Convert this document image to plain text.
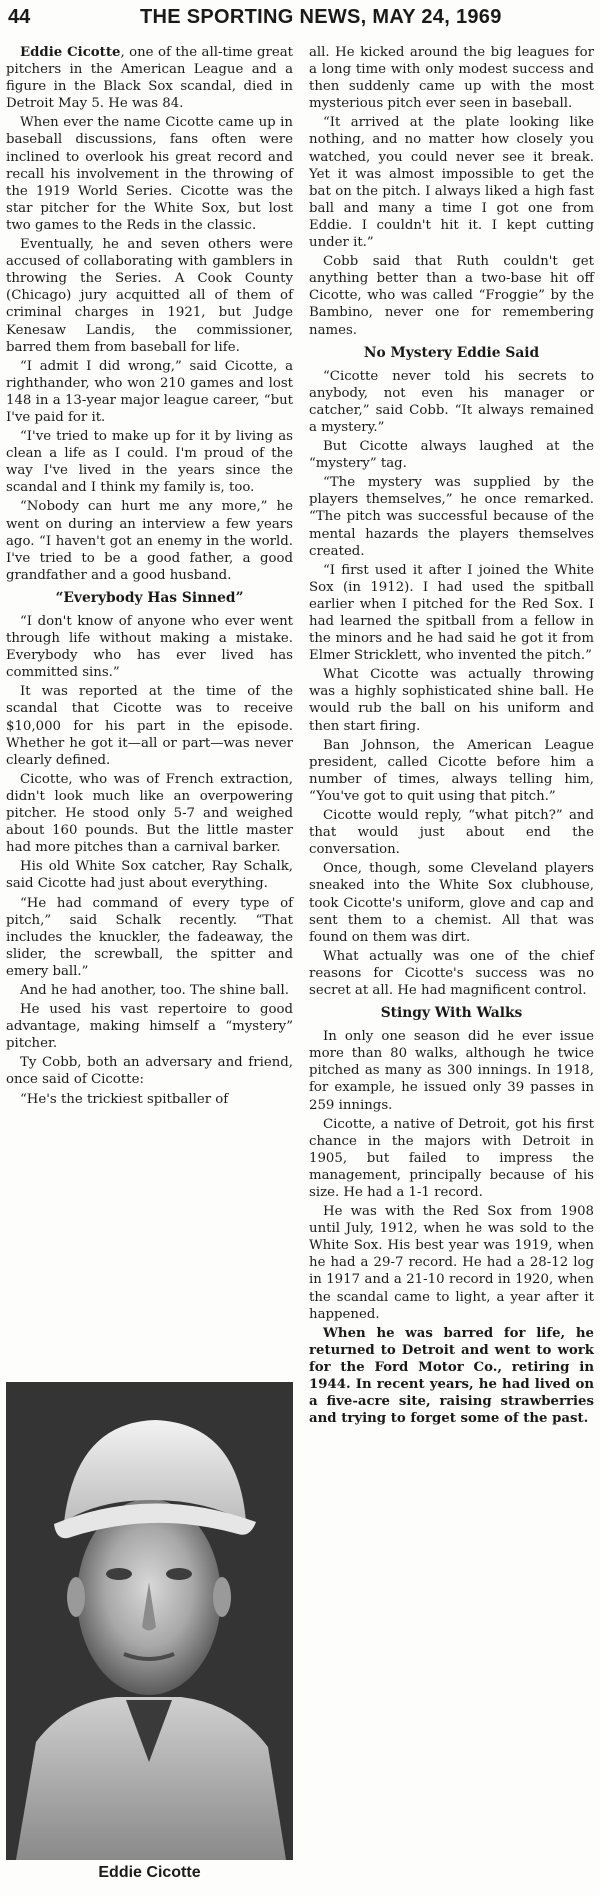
44	THE SPORTING NEWS, MAY 24, 1969

Eddie Cicotte, one of the all-time great pitchers in the American League and a figure in the Black Sox scandal, died in Detroit May 5. He was 84.

When ever the name Cicotte came up in baseball discussions, fans often were inclined to overlook his great record and recall his involvement in the throwing of the 1919 World Series. Cicotte was the star pitcher for the White Sox, but lost two games to the Reds in the classic.

Eventually, he and seven others were accused of collaborating with gamblers in throwing the Series. A Cook County (Chicago) jury acquitted all of them of criminal charges in 1921, but Judge Kenesaw Landis, the commissioner, barred them from baseball for life.

“I admit I did wrong,” said Cicotte, a righthander, who won 210 games and lost 148 in a 13-year major league career, “but I've paid for it.

“I've tried to make up for it by living as clean a life as I could. I'm proud of the way I've lived in the years since the scandal and I think my family is, too.

“Nobody can hurt me any more,” he went on during an interview a few years ago. “I haven't got an enemy in the world. I've tried to be a good father, a good grandfather and a good husband.

“Everybody Has Sinned”

“I don't know of anyone who ever went through life without making a mistake. Everybody who has ever lived has committed sins.”

It was reported at the time of the scandal that Cicotte was to receive $10,000 for his part in the episode. Whether he got it—all or part—was never clearly defined.

Cicotte, who was of French extraction, didn't look much like an overpowering pitcher. He stood only 5-7 and weighed about 160 pounds. But the little master had more pitches than a carnival barker.

His old White Sox catcher, Ray Schalk, said Cicotte had just about everything.

“He had command of every type of pitch,” said Schalk recently. “That includes the knuckler, the fadeaway, the slider, the screwball, the spitter and emery ball.”

And he had another, too. The shine ball.

He used his vast repertoire to good advantage, making himself a “mystery” pitcher.

Ty Cobb, both an adversary and friend, once said of Cicotte:

“He's the trickiest spitballer of

Eddie Cicotte

all. He kicked around the big leagues for a long time with only modest success and then suddenly came up with the most mysterious pitch ever seen in baseball.

“It arrived at the plate looking like nothing, and no matter how closely you watched, you could never see it break. Yet it was almost impossible to get the bat on the pitch. I always liked a high fast ball and many a time I got one from Eddie. I couldn't hit it. I kept cutting under it.”

Cobb said that Ruth couldn't get anything better than a two-base hit off Cicotte, who was called “Froggie” by the Bambino, never one for remembering names.

No Mystery Eddie Said

“Cicotte never told his secrets to anybody, not even his manager or catcher,” said Cobb. “It always remained a mystery.”

But Cicotte always laughed at the “mystery” tag.

“The mystery was supplied by the players themselves,” he once remarked. “The pitch was successful because of the mental hazards the players themselves created.

“I first used it after I joined the White Sox (in 1912). I had used the spitball earlier when I pitched for the Red Sox. I had learned the spitball from a fellow in the minors and he had said he got it from Elmer Stricklett, who invented the pitch.”

What Cicotte was actually throwing was a highly sophisticated shine ball. He would rub the ball on his uniform and then start firing.

Ban Johnson, the American League president, called Cicotte before him a number of times, always telling him, “You've got to quit using that pitch.”

Cicotte would reply, “what pitch?” and that would just about end the conversation.

Once, though, some Cleveland players sneaked into the White Sox clubhouse, took Cicotte's uniform, glove and cap and sent them to a chemist. All that was found on them was dirt.

What actually was one of the chief reasons for Cicotte's success was no secret at all. He had magnificent control.

Stingy With Walks

In only one season did he ever issue more than 80 walks, although he twice pitched as many as 300 innings. In 1918, for example, he issued only 39 passes in 259 innings.

Cicotte, a native of Detroit, got his first chance in the majors with Detroit in 1905, but failed to impress the management, principally because of his size. He had a 1-1 record.

He was with the Red Sox from 1908 until July, 1912, when he was sold to the White Sox. His best year was 1919, when he had a 29-7 record. He had a 28-12 log in 1917 and a 21-10 record in 1920, when the scandal came to light, a year after it happened.

When he was barred for life, he returned to Detroit and went to work for the Ford Motor Co., retiring in 1944. In recent years, he had lived on a five-acre site, raising strawberries and trying to forget some of the past.
